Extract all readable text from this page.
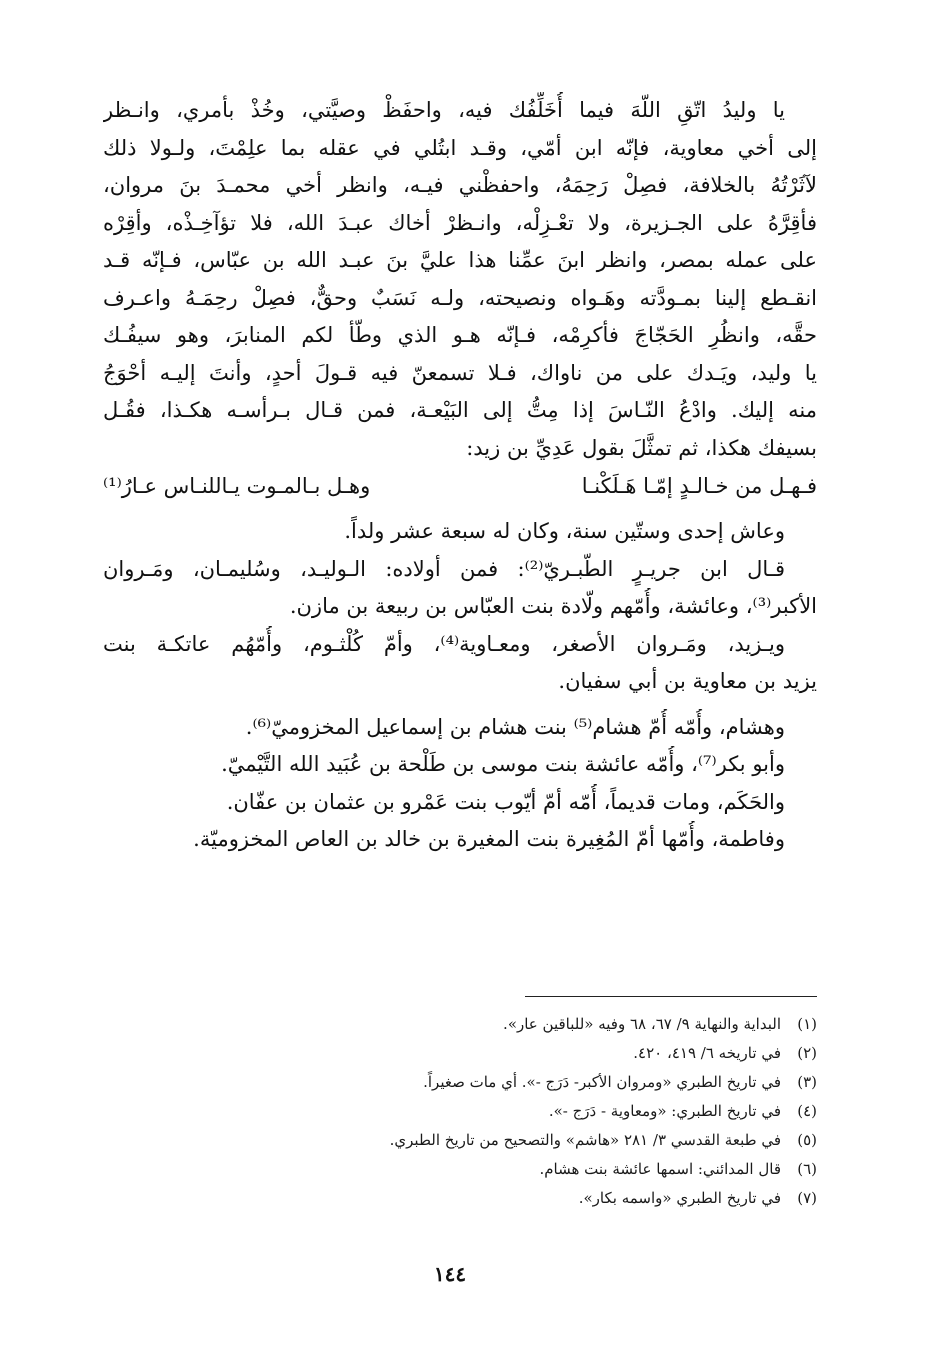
يا وليدُ اتّقِ اللّهَ فيما أُخَلِّفُك فيه، واحفَظْ وصيَّتي، وخُذْ بأمري، وانـظر
إلى أخي معاوية، فإنّه ابن أمّي، وقـد ابتُلي في عقله بما علِمْتَ، ولـولا ذلك
لآثَرْتُهُ بالخلافة، فصِلْ رَحِمَهُ، واحفظْني فيـه، وانظر أخي محمـدَ بنَ مروان،
فأقِرَّهُ على الجـزيرة، ولا تعْـزِلْه، وانـظرْ أخاك عبـدَ الله، فلا تؤآخِـذْه، وأقِرْه
على عمله بمصر، وانظر ابنَ عمِّنا هذا عليَّ بنَ عبـد الله بن عبّاس، فـإنّه قـد
انقـطع إلينا بمـودَّته وهَـواه ونصيحته، ولـه نَسَبٌ وحقٌّ، فصِلْ رحِمَـهُ واعـرف
حقَّه، وانظُرِ الحَجّاجَ فأكرِمْه، فـإنّه هـو الذي وطّأ لكم المنابرَ، وهو سيفُـك
يا وليد، ويَـدك على من ناواك، فـلا تسمعنّ فيه قـولَ أحدٍ، وأنتَ إليـه أحْوَجُ
منه إليك. وادْعُ النّـاسَ إذا مِتُّ إلى البَيْعـة، فمن قـال بـرأسـه هكـذا، فقُـل
بسيفك هكذا، ثم تمثَّلَ بقول عَدِيِّ بن زيد:
فـهـل من خـالـدٍ إمّـا هَـلَكْنـا
وهـل بـالمـوت يـاللنـاس عـارُ⁽¹⁾
وعاش إحدى وستّين سنة، وكان له سبعة عشر ولداً.
قـال ابن جريـرٍ الطّبـريّ⁽²⁾: فمن أولاده: الـوليـد، وسُليمـان، ومَـروان
الأكبر⁽³⁾، وعائشة، وأُمّهم ولّادة بنت العبّاس بن ربيعة بن مازن.
ويـزيد، ومَـروان الأصغر، ومعـاوية⁽⁴⁾، وأمّ كُلْثـوم، وأُمّهُم عاتكـة بنت
يزيد بن معاوية بن أبي سفيان.
وهشام، وأُمّه أُمّ هشام⁽⁵⁾ بنت هشام بن إسماعيل المخزوميّ⁽⁶⁾.
وأبو بكر⁽⁷⁾، وأُمّه عائشة بنت موسى بن طَلْحة بن عُبَيد الله التَّيْميّ.
والحَكَم، ومات قديماً، أُمّه أمّ أيّوب بنت عَمْرو بن عثمان بن عفّان.
وفاطمة، وأُمّها أمّ المُغِيرة بنت المغيرة بن خالد بن العاص المخزوميّة.
(١)
البداية والنهاية ٩/ ٦٧، ٦٨ وفيه «للباقين عار».
(٢)
في تاريخه ٦/ ٤١٩، ٤٢٠.
(٣)
في تاريخ الطبري «ومروان الأكبر- دَرَج -». أي مات صغيراً.
(٤)
في تاريخ الطبري: «ومعاوية - دَرَج -».
(٥)
في طبعة القدسي ٣/ ٢٨١ «هاشم» والتصحيح من تاريخ الطبري.
(٦)
قال المدائني: اسمها عائشة بنت هشام.
(٧)
في تاريخ الطبري «واسمه بكار».
١٤٤
